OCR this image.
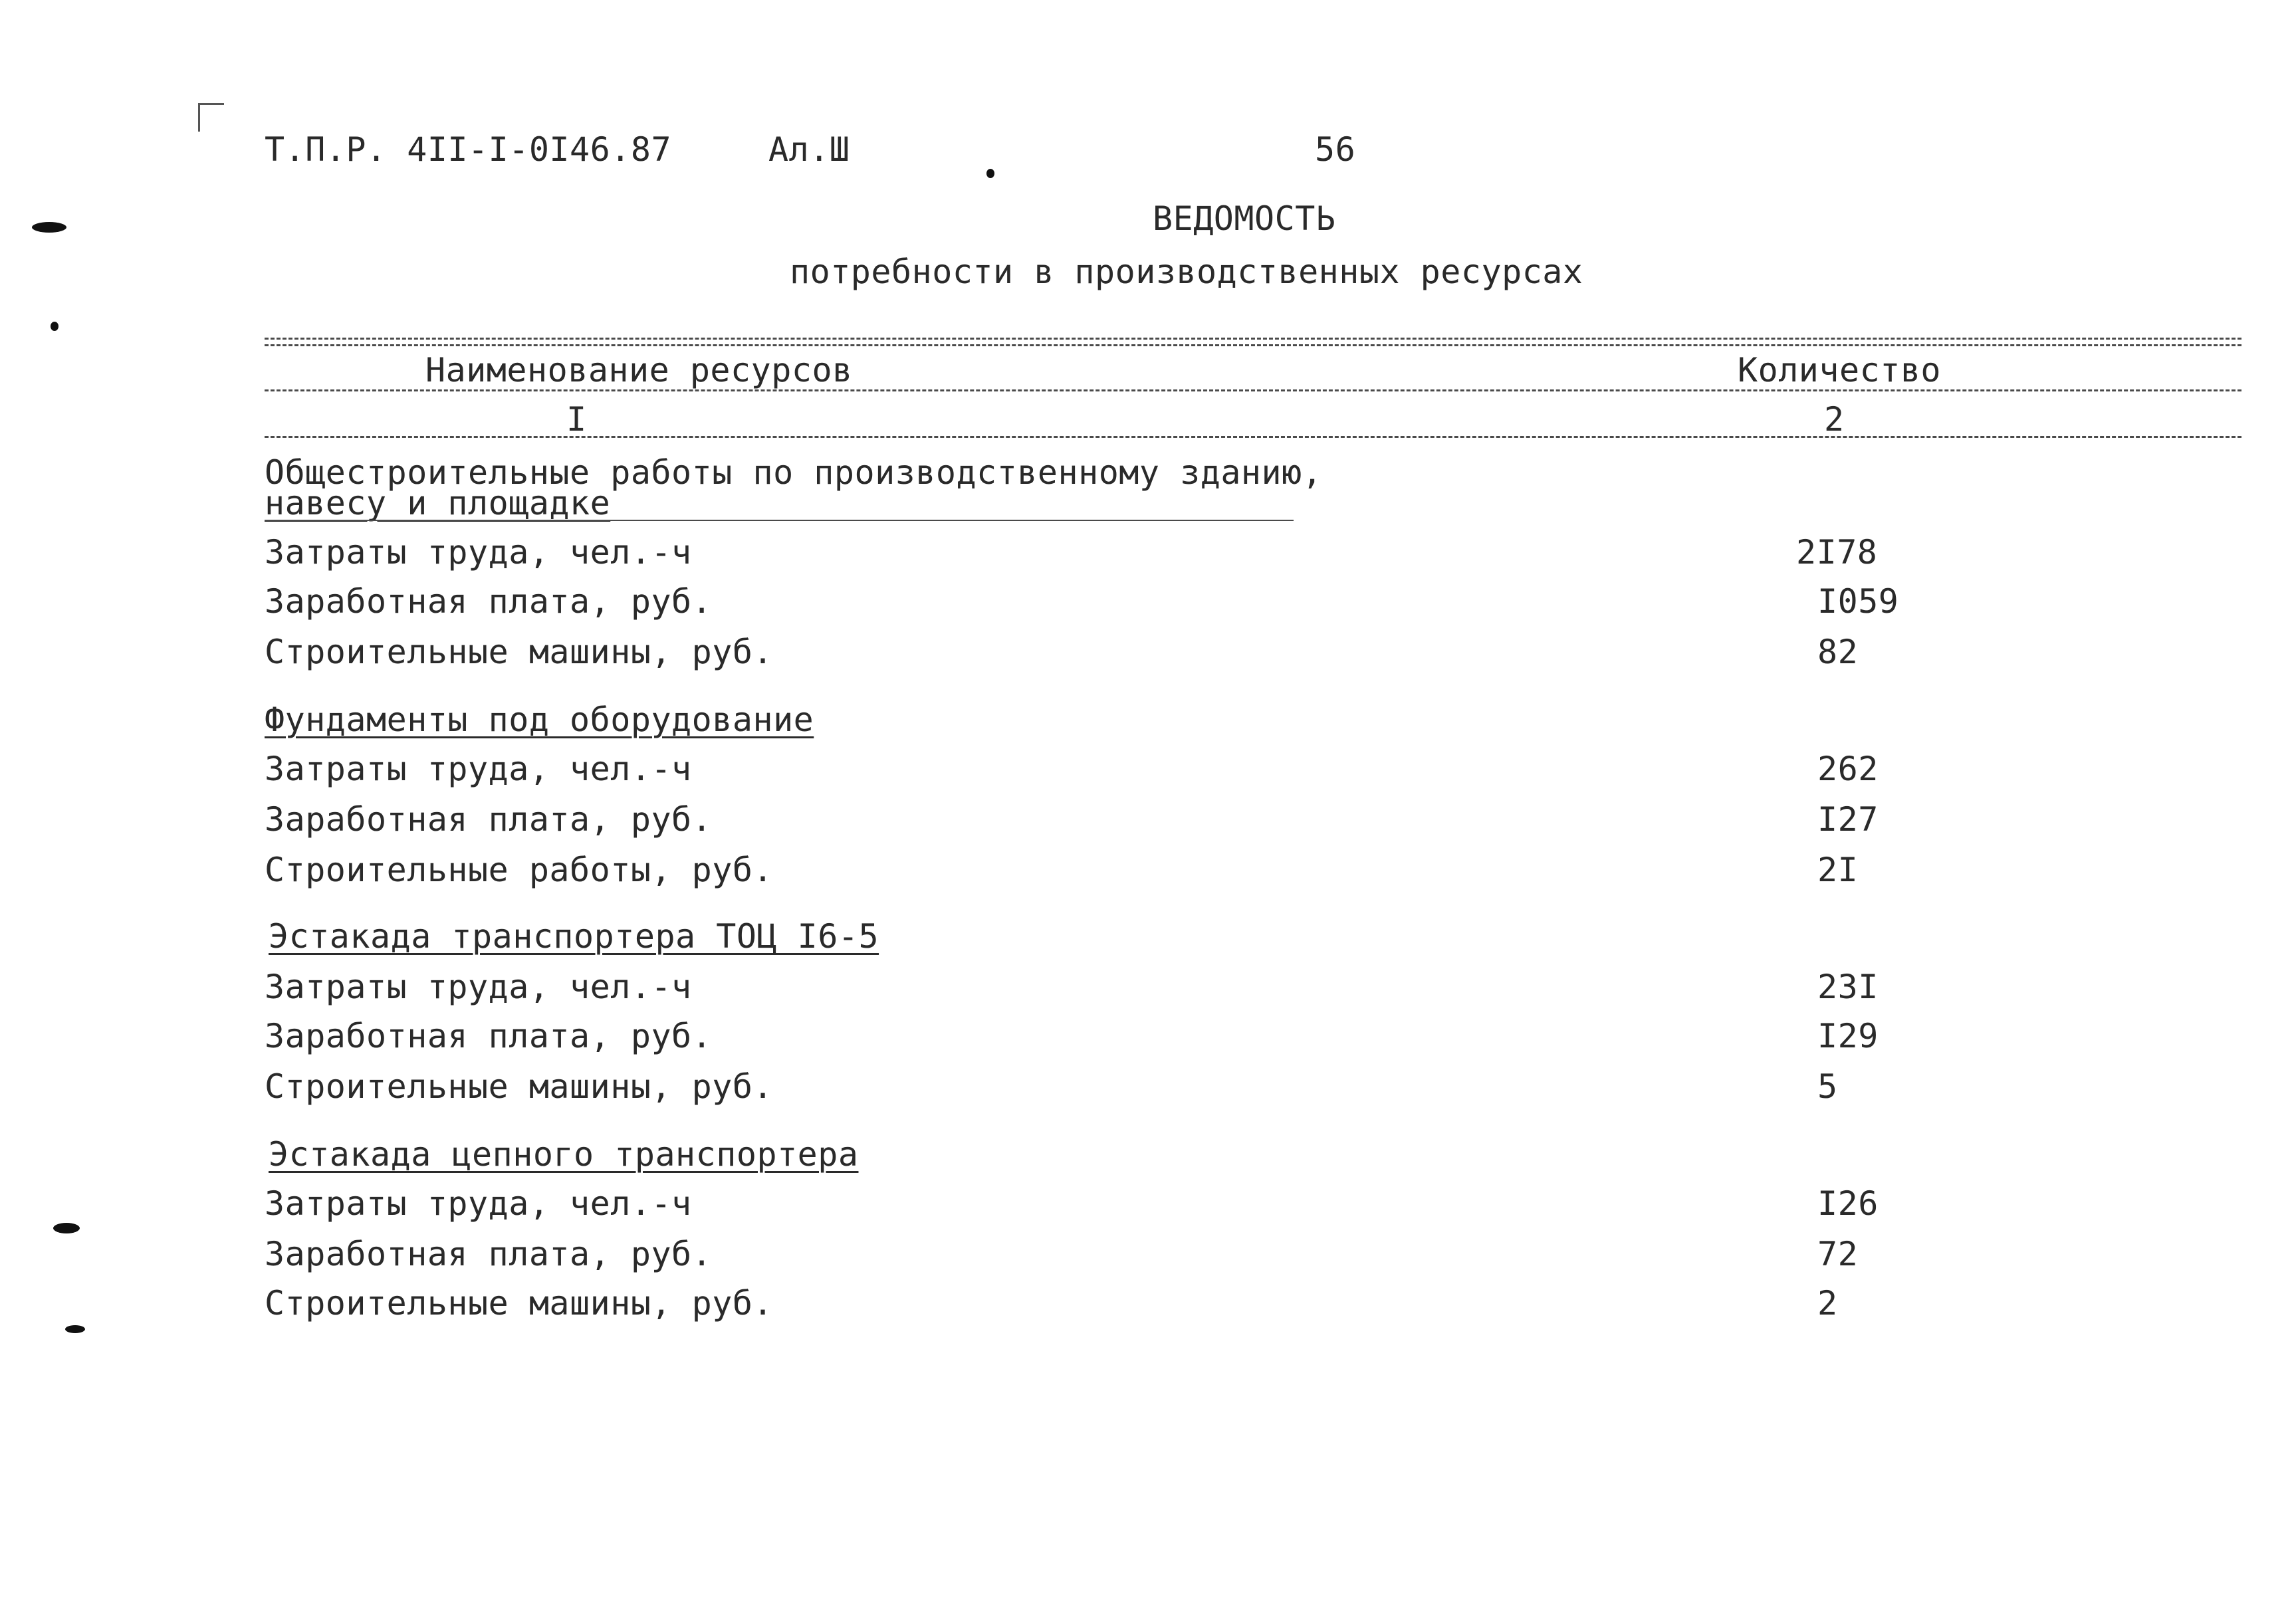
Т.П.Р. 4II-I-0I46.87	Ал.Ш	56
ВЕДОМОСТЬ
потребности в производственных ресурсах
Наименование ресурсов	Количество
I	2
Общестроительные работы по производственному зданию,
навесу и площадке
Затраты труда, чел.-ч	2I78
Заработная плата, руб.	I059
Строительные машины, руб.	82
Фундаменты под оборудование
Затраты труда, чел.-ч	262
Заработная плата, руб.	I27
Строительные работы, руб.	2I
Эстакада транспортера ТОЦ I6-5
Затраты труда, чел.-ч	23I
Заработная плата, руб.	I29
Строительные машины, руб.	5
Эстакада цепного транспортера
Затраты труда, чел.-ч	I26
Заработная плата, руб.	72
Строительные машины, руб.	2
